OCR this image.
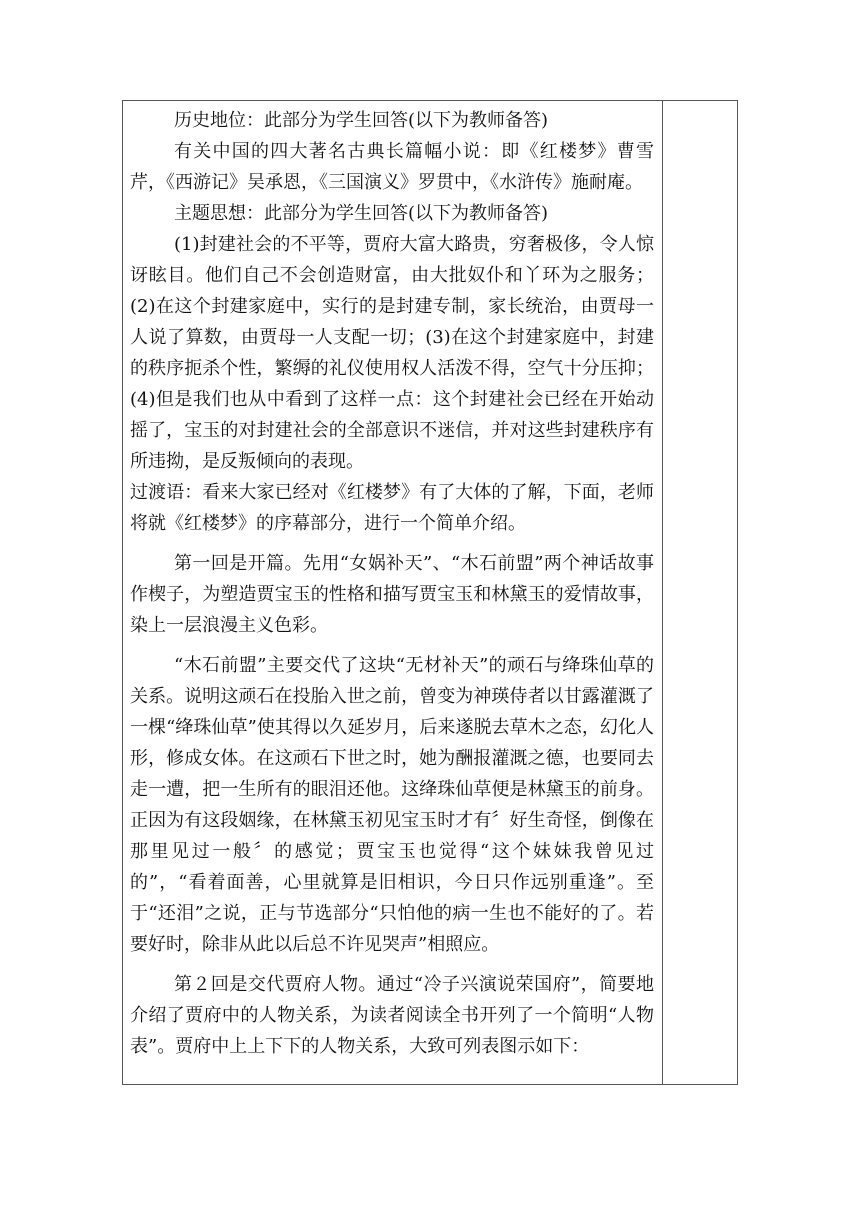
历史地位：此部分为学生回答(以下为教师备答)

有关中国的四大著名古典长篇幅小说：即《红楼梦》曹雪芹，《西游记》吴承恩，《三国演义》罗贯中，《水浒传》施耐庵。

主题思想：此部分为学生回答(以下为教师备答)

(1)封建社会的不平等，贾府大富大路贵，穷奢极侈，令人惊讶眩目。他们自己不会创造财富，由大批奴仆和丫环为之服务；(2)在这个封建家庭中，实行的是封建专制，家长统治，由贾母一人说了算数，由贾母一人支配一切；(3)在这个封建家庭中，封建的秩序扼杀个性，繁缛的礼仪使用权人活泼不得，空气十分压抑；(4)但是我们也从中看到了这样一点：这个封建社会已经在开始动摇了，宝玉的对封建社会的全部意识不迷信，并对这些封建秩序有所违拗，是反叛倾向的表现。

过渡语：看来大家已经对《红楼梦》有了大体的了解，下面，老师将就《红楼梦》的序幕部分，进行一个简单介绍。

第一回是开篇。先用“女娲补天”、“木石前盟”两个神话故事作楔子，为塑造贾宝玉的性格和描写贾宝玉和林黛玉的爱情故事，染上一层浪漫主义色彩。

“木石前盟”主要交代了这块“无材补天”的顽石与绛珠仙草的关系。说明这顽石在投胎入世之前，曾变为神瑛侍者以甘露灌溉了一棵“绛珠仙草”使其得以久延岁月，后来遂脱去草木之态，幻化人形，修成女体。在这顽石下世之时，她为酬报灌溉之德，也要同去走一遭，把一生所有的眼泪还他。这绛珠仙草便是林黛玉的前身。正因为有这段姻缘，在林黛玉初见宝玉时才有〞好生奇怪，倒像在那里见过一般〞的感觉；贾宝玉也觉得“这个妹妹我曾见过的”，“看着面善，心里就算是旧相识，今日只作远别重逢”。至于“还泪”之说，正与节选部分“只怕他的病一生也不能好的了。若要好时，除非从此以后总不许见哭声”相照应。

第２回是交代贾府人物。通过“冷子兴演说荣国府”，简要地介绍了贾府中的人物关系，为读者阅读全书开列了一个简明“人物表”。贾府中上上下下的人物关系，大致可列表图示如下：
